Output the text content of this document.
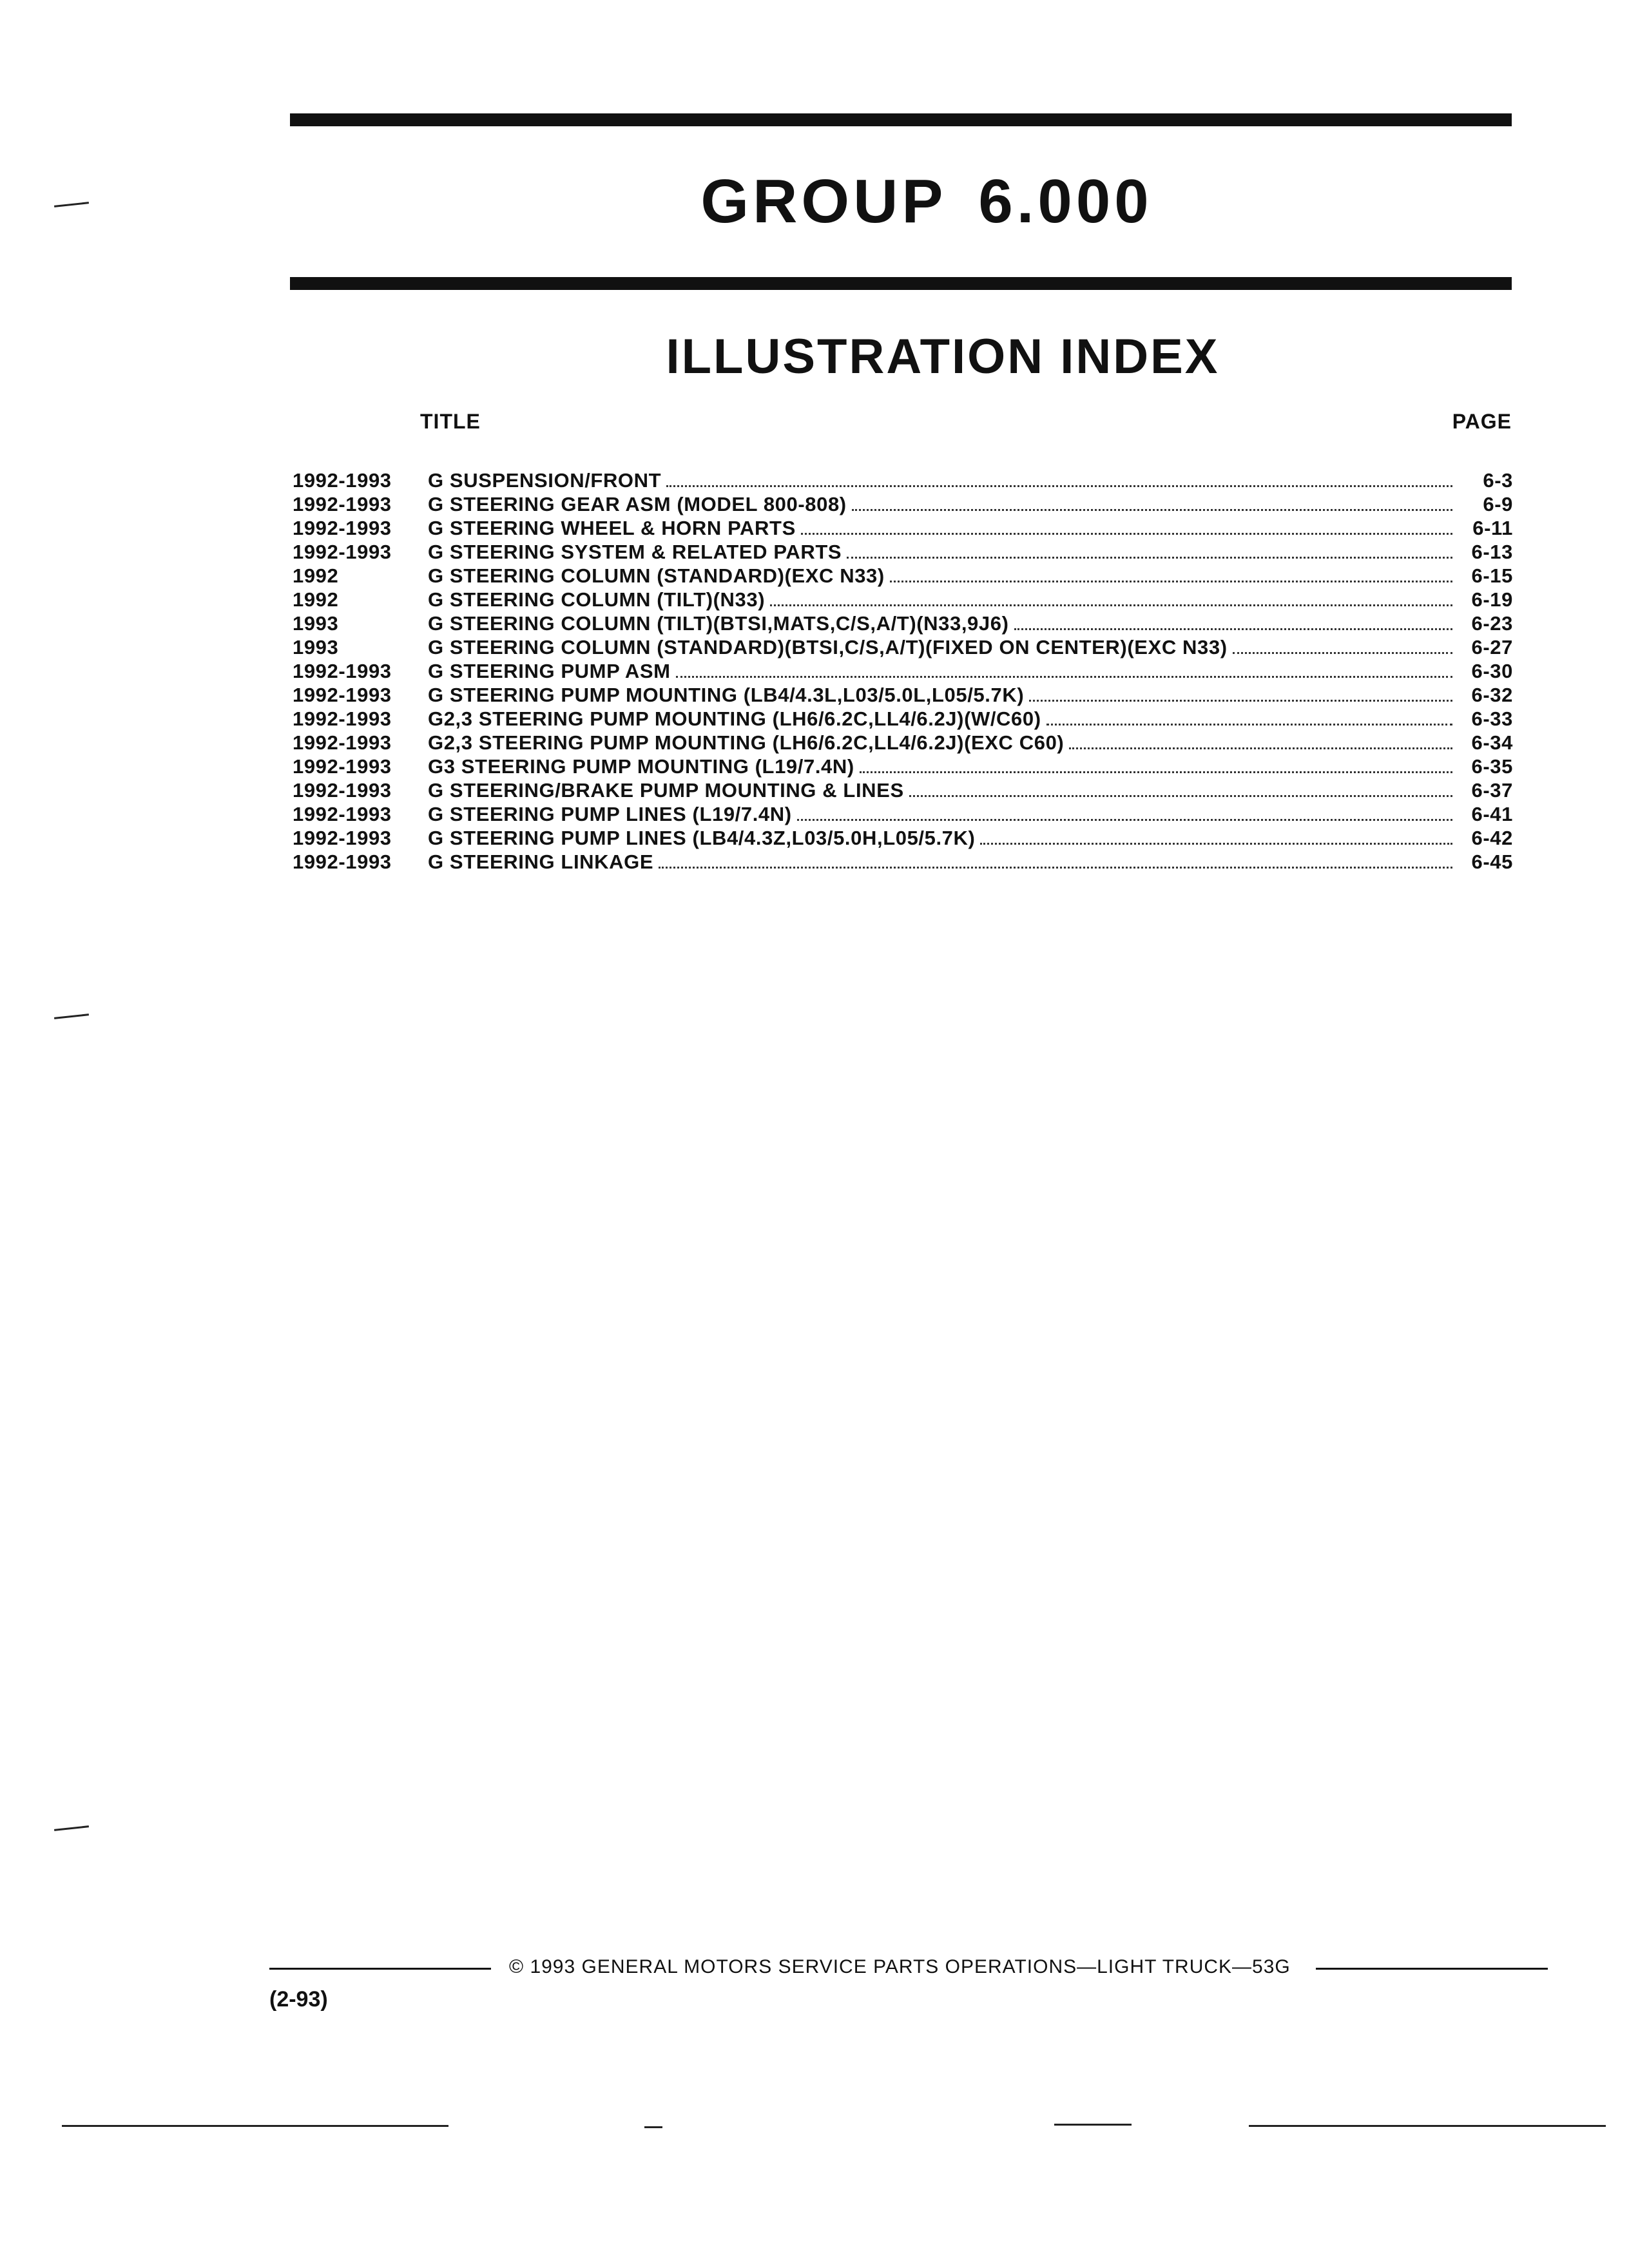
GROUP 6.000
ILLUSTRATION INDEX
TITLE	PAGE
1992-1993	G SUSPENSION/FRONT	6-3
1992-1993	G STEERING GEAR ASM (MODEL 800-808)	6-9
1992-1993	G STEERING WHEEL & HORN PARTS	6-11
1992-1993	G STEERING SYSTEM & RELATED PARTS	6-13
1992	G STEERING COLUMN (STANDARD)(EXC N33)	6-15
1992	G STEERING COLUMN (TILT)(N33)	6-19
1993	G STEERING COLUMN (TILT)(BTSI,MATS,C/S,A/T)(N33,9J6)	6-23
1993	G STEERING COLUMN (STANDARD)(BTSI,C/S,A/T)(FIXED ON CENTER)(EXC N33)	6-27
1992-1993	G STEERING PUMP ASM	6-30
1992-1993	G STEERING PUMP MOUNTING (LB4/4.3L,L03/5.0L,L05/5.7K)	6-32
1992-1993	G2,3 STEERING PUMP MOUNTING (LH6/6.2C,LL4/6.2J)(W/C60)	6-33
1992-1993	G2,3 STEERING PUMP MOUNTING (LH6/6.2C,LL4/6.2J)(EXC C60)	6-34
1992-1993	G3 STEERING PUMP MOUNTING (L19/7.4N)	6-35
1992-1993	G STEERING/BRAKE PUMP MOUNTING & LINES	6-37
1992-1993	G STEERING PUMP LINES (L19/7.4N)	6-41
1992-1993	G STEERING PUMP LINES (LB4/4.3Z,L03/5.0H,L05/5.7K)	6-42
1992-1993	G STEERING LINKAGE	6-45
© 1993 GENERAL MOTORS SERVICE PARTS OPERATIONS—LIGHT TRUCK—53G
(2-93)
